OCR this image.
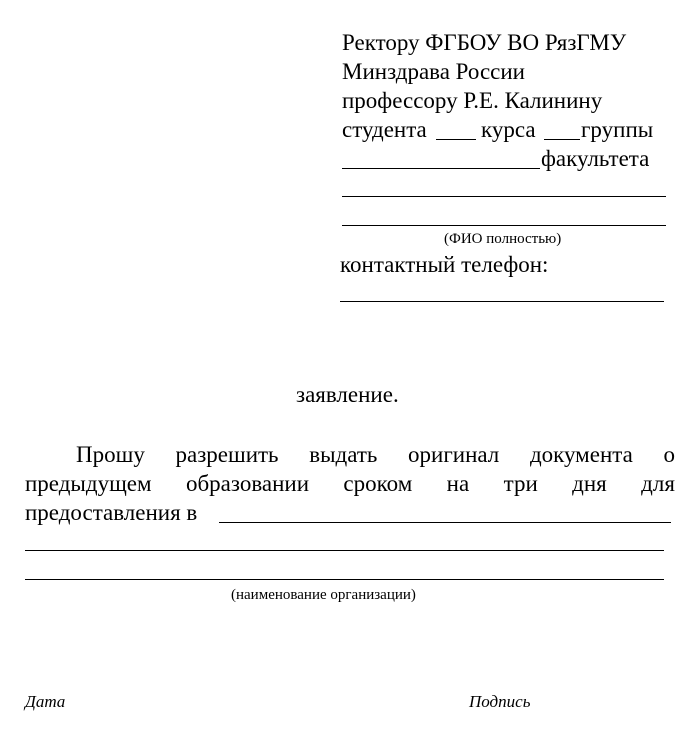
Ректору ФГБОУ ВО РязГМУ
Минздрава России
профессору Р.Е. Калинину
студента курса группы
факультета
(ФИО полностью)
контактный телефон:
заявление.
Прошу разрешить выдать оригинал документа о
предыдущем образовании сроком на три дня для
предоставления в
(наименование организации)
Дата	Подпись
